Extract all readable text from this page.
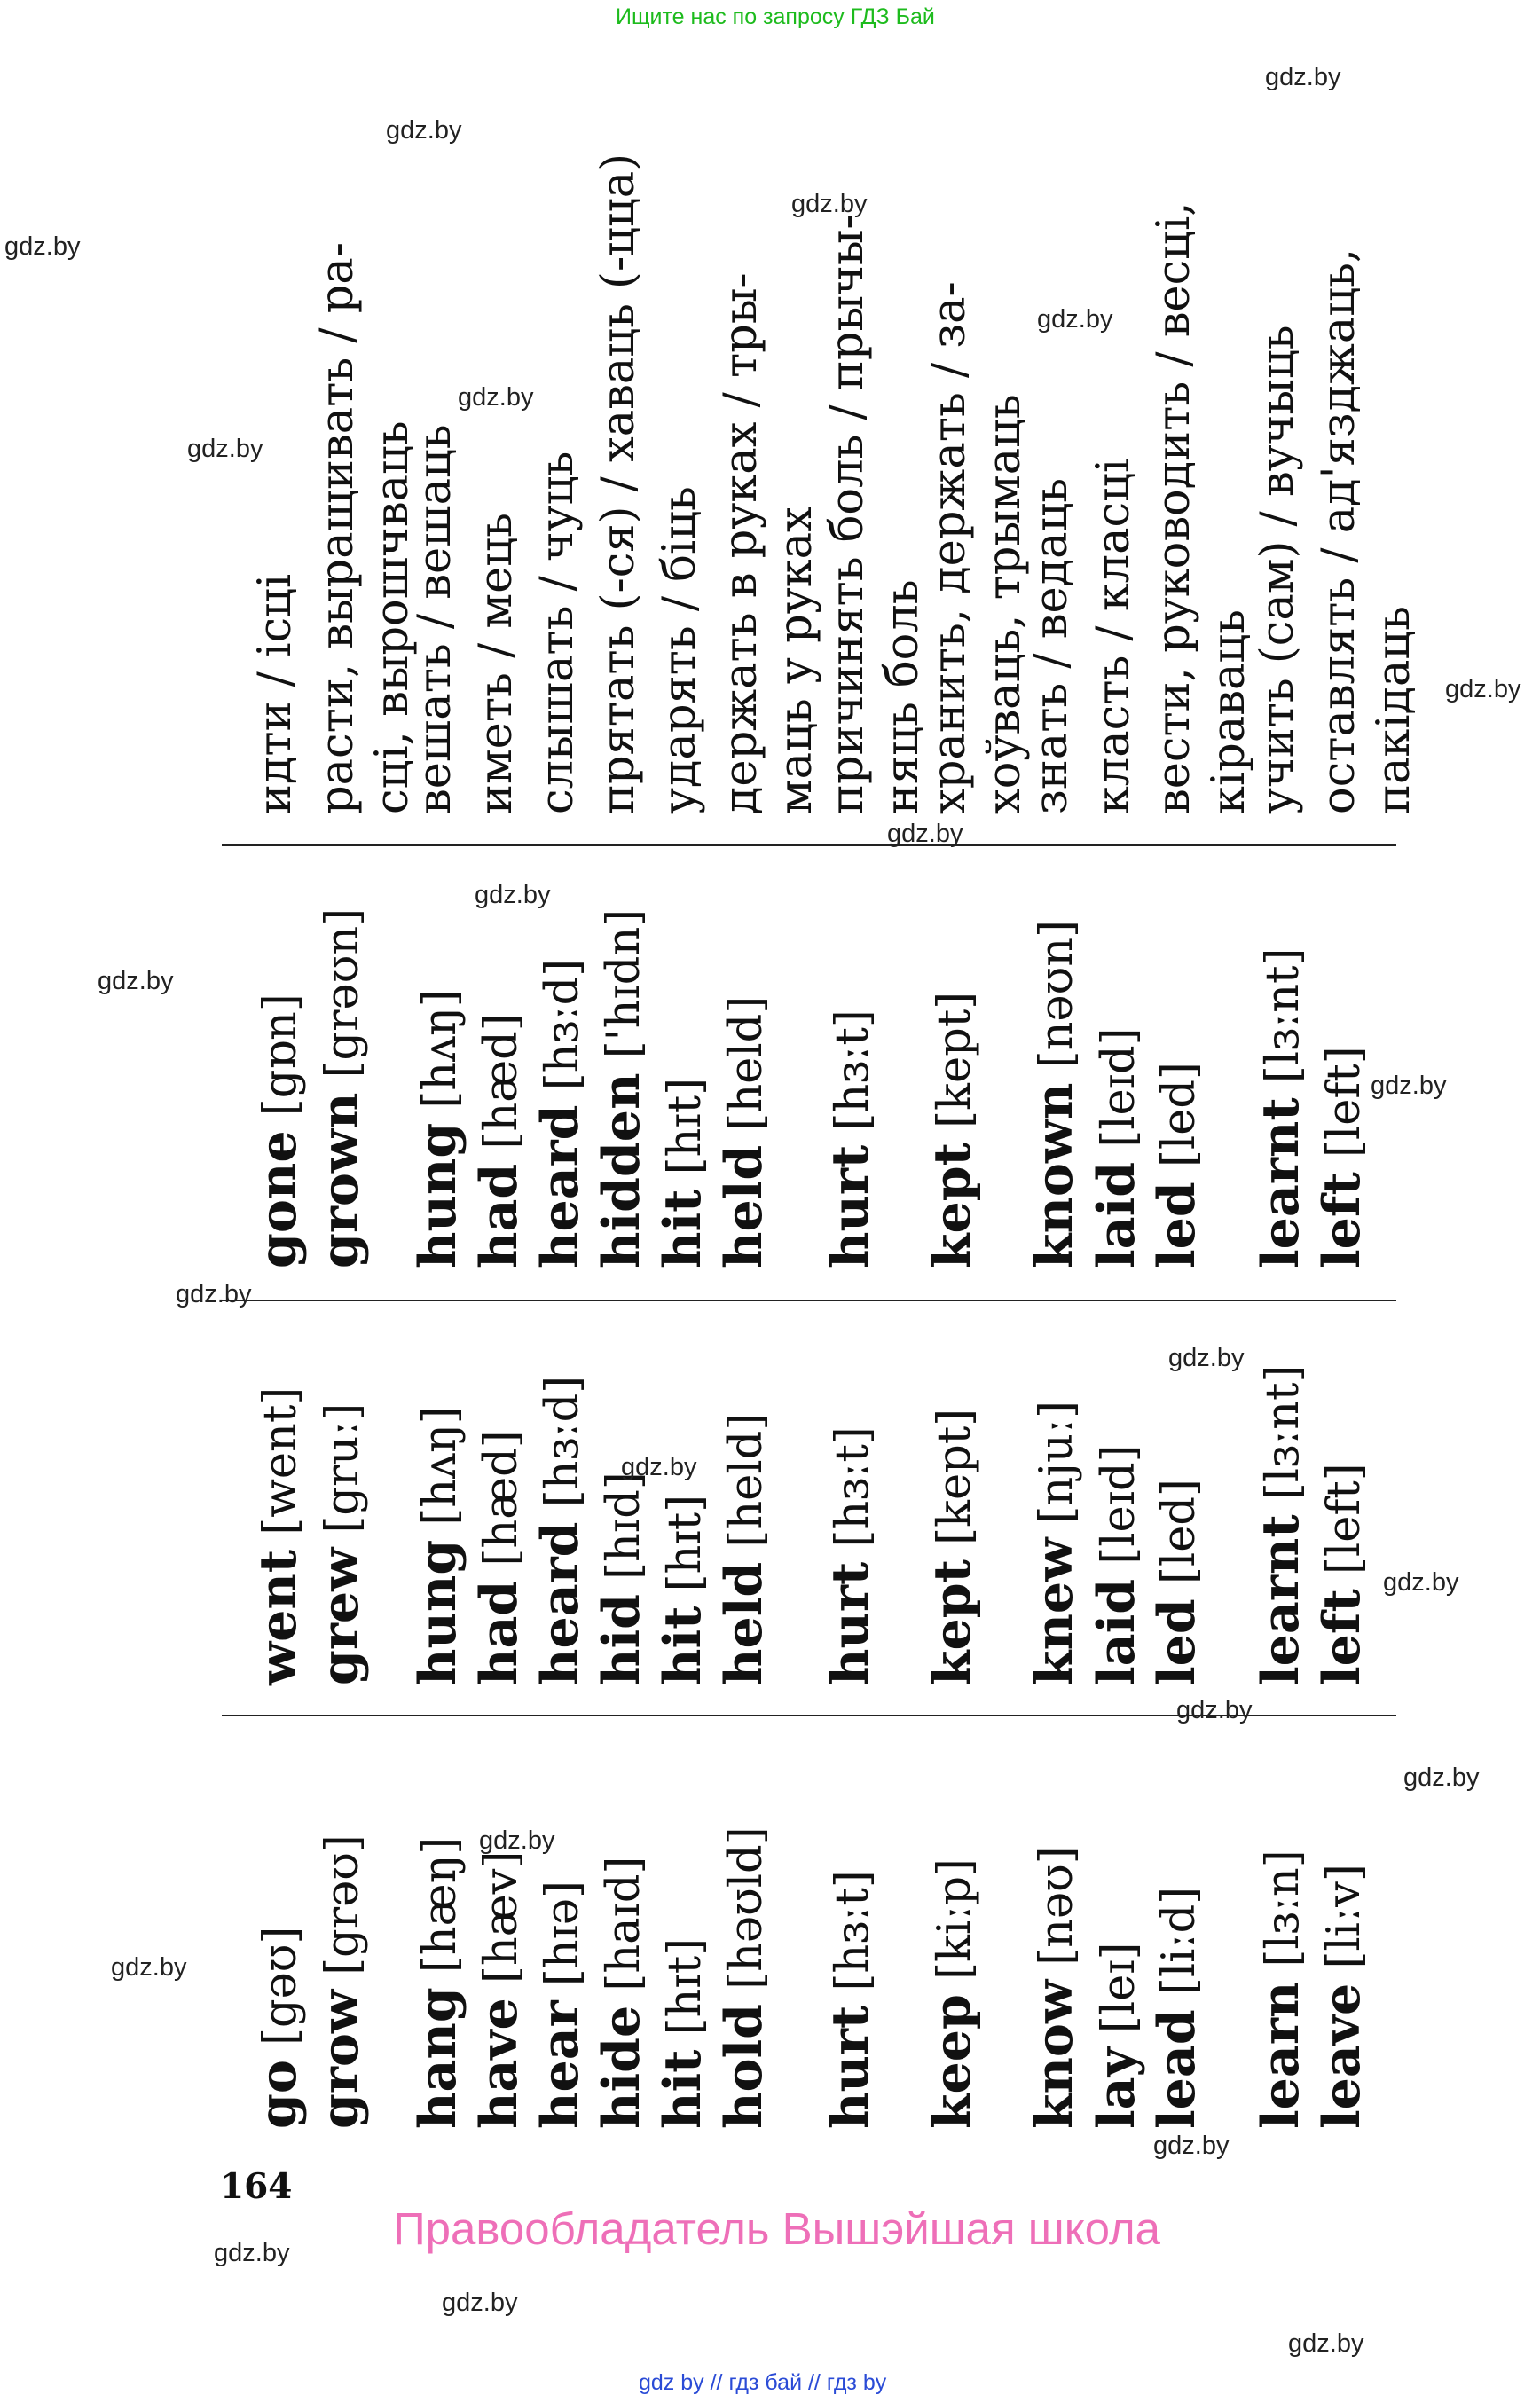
Ищите нас по запросу ГДЗ Бай
go [gəʊ]
went [went]
gone [gɒn]
идти / ісці
grow [grəʊ]
grew [gruː]
grown [grəʊn]
расти, выращивать / ра- сці, вырошчваць
hang [hæŋ]
hung [hʌŋ]
hung [hʌŋ]
вешать / вешаць
have [hæv]
had [hæd]
had [hæd]
иметь / мець
hear [hɪə]
heard [hɜːd]
heard [hɜːd]
слышать / чуць
hide [haɪd]
hid [hɪd]
hidden ['hɪdn]
прятать (-ся) / хаваць (-цца)
hit [hɪt]
hit [hɪt]
hit [hɪt]
ударять / біць
hold [həʊld]
held [held]
held [held]
держать в руках / тры- маць у руках
hurt [hɜːt]
hurt [hɜːt]
hurt [hɜːt]
причинять боль / прычы- няць боль
keep [kiːp]
kept [kept]
kept [kept]
хранить, держать / за- хоўваць, трымаць
know [nəʊ]
knew [njuː]
known [nəʊn]
знать / ведаць
lay [leɪ]
laid [leɪd]
laid [leɪd]
класть / класці
lead [liːd]
led [led]
led [led]
вести, руководить / весці, кіраваць
learn [lɜːn]
learnt [lɜːnt]
learnt [lɜːnt]
учить (сам) / вучыць
leave [liːv]
left [left]
left [left]
оставлять / ад'язджаць, пакідаць
164
Правообладатель Вышэйшая школа
gdz by // гдз бай // гдз by
gdz.by
gdz.by
gdz.by
gdz.by
gdz.by
gdz.by
gdz.by
gdz.by
gdz.by
gdz.by
gdz.by
gdz.by
gdz.by
gdz.by
gdz.by
gdz.by
gdz.by
gdz.by
gdz.by
gdz.by
gdz.by
gdz.by
gdz.by
gdz.by
